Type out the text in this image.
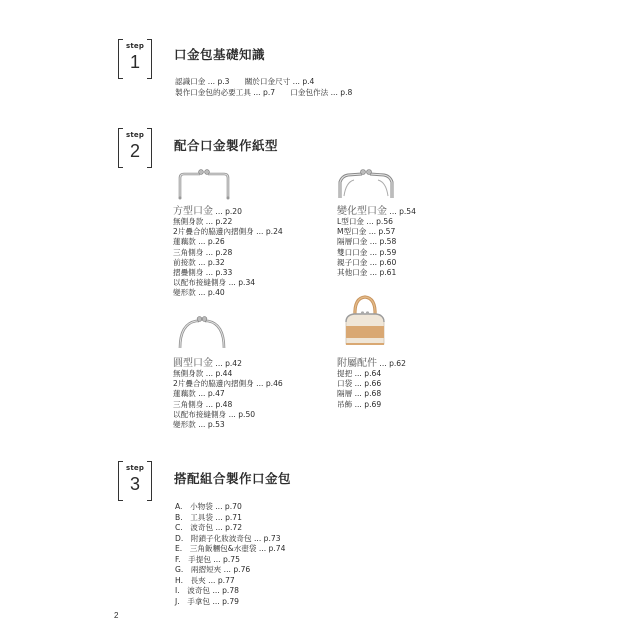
step
1	口金包基礎知識
認識口金 ... p.3　　關於口金尺寸 ... p.4
製作口金包的必要工具 ... p.7　　口金包作法 ... p.8
step
2	配合口金製作紙型
方型口金 ... p.20
無側身款 ... p.22
2片疊合的脇邊內摺側身 ... p.24
蓮藕款 ... p.26
三角側身 ... p.28
前接款 ... p.32
摺疊側身 ... p.33
以配布接縫側身 ... p.34
變形款 ... p.40
變化型口金 ... p.54
L型口金 ... p.56
M型口金 ... p.57
隔層口金 ... p.58
雙口口金 ... p.59
親子口金 ... p.60
其他口金 ... p.61
圓型口金 ... p.42
無側身款 ... p.44
2片疊合的脇邊內摺側身 ... p.46
蓮藕款 ... p.47
三角側身 ... p.48
以配布接縫側身 ... p.50
變形款 ... p.53
附屬配件 ... p.62
提把 ... p.64
口袋 ... p.66
隔層 ... p.68
吊飾 ... p.69
step
3	搭配組合製作口金包
A.　小物袋 ... p.70
B.　工具袋 ... p.71
C.　波奇包 ... p.72
D.　附鎖子化妝波奇包 ... p.73
E.　三角飯糰包&水壺袋 ... p.74
F.　手提包 ... p.75
G.　兩摺短夾 ... p.76
H.　長夾 ... p.77
I.　波奇包 ... p.78
J.　手拿包 ... p.79
2
